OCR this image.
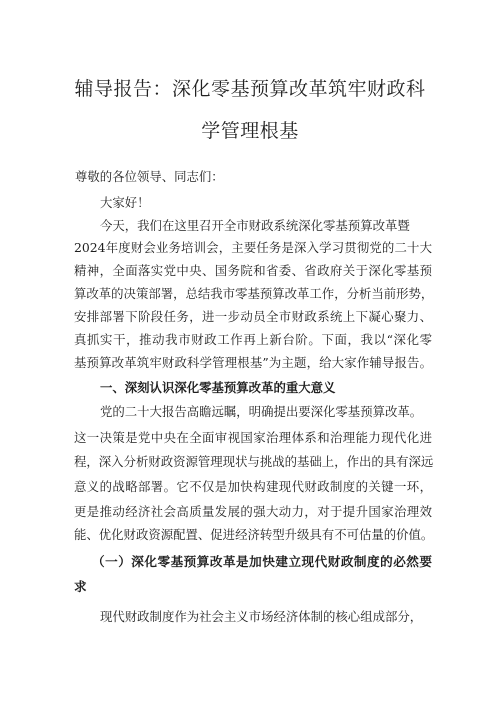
辅导报告：深化零基预算改革筑牢财政科
学管理根基
尊敬的各位领导、同志们：
大家好！
今天，我们在这里召开全市财政系统深化零基预算改革暨
2024年度财会业务培训会，主要任务是深入学习贯彻党的二十大
精神，全面落实党中央、国务院和省委、省政府关于深化零基预
算改革的决策部署，总结我市零基预算改革工作，分析当前形势，
安排部署下阶段任务，进一步动员全市财政系统上下凝心聚力、
真抓实干，推动我市财政工作再上新台阶。下面，我以“深化零
基预算改革筑牢财政科学管理根基”为主题，给大家作辅导报告。
一、深刻认识深化零基预算改革的重大意义
党的二十大报告高瞻远瞩，明确提出要深化零基预算改革。
这一决策是党中央在全面审视国家治理体系和治理能力现代化进
程，深入分析财政资源管理现状与挑战的基础上，作出的具有深远
意义的战略部署。它不仅是加快构建现代财政制度的关键一环，
更是推动经济社会高质量发展的强大动力，对于提升国家治理效
能、优化财政资源配置、促进经济转型升级具有不可估量的价值。
（一）深化零基预算改革是加快建立现代财政制度的必然要
求
现代财政制度作为社会主义市场经济体制的核心组成部分，
